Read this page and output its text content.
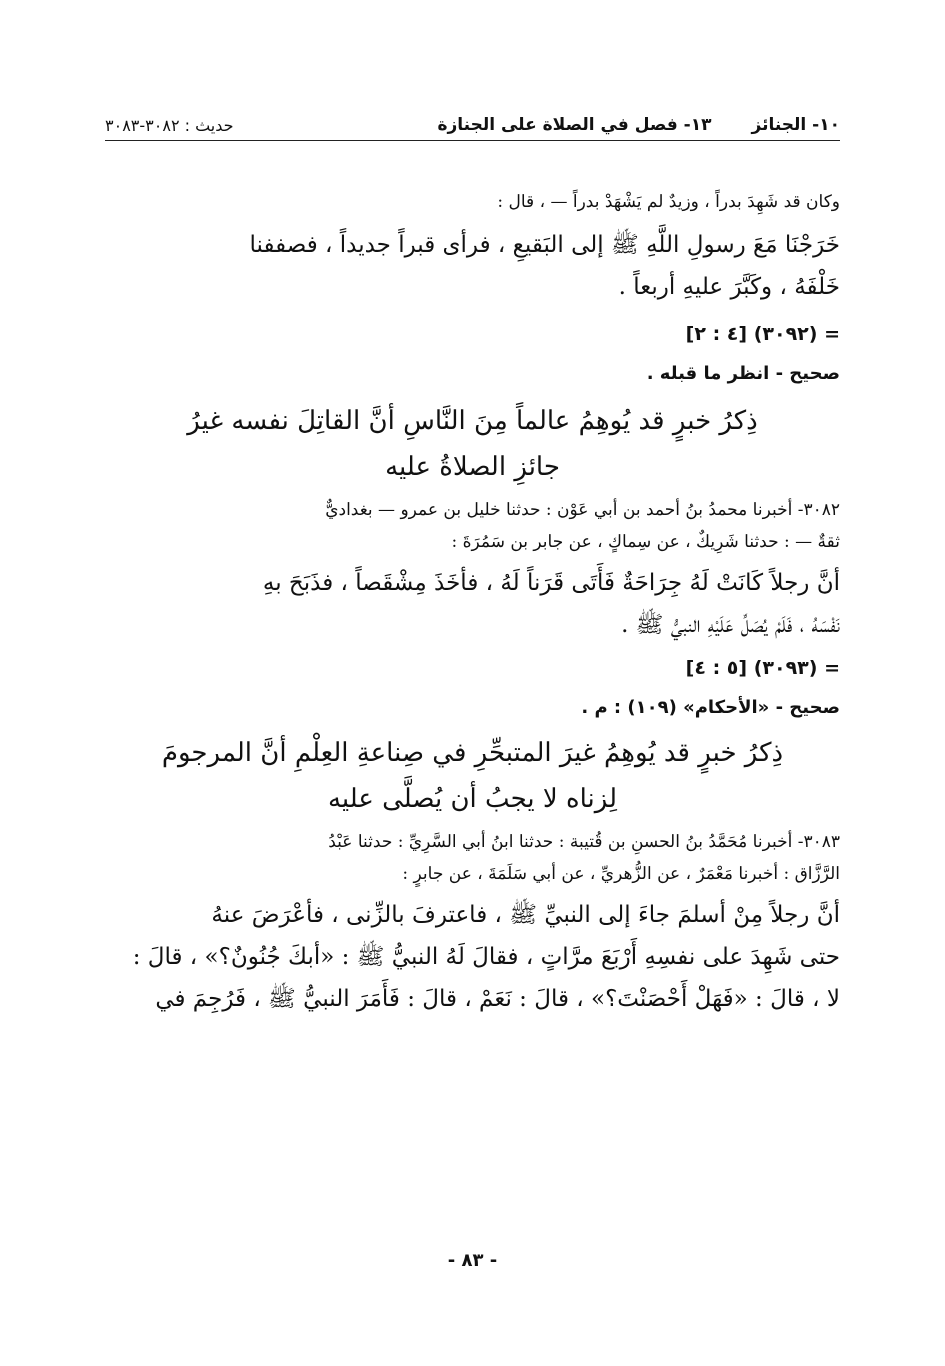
١٠- الجنائز
١٣- فصل في الصلاة على الجنازة
حديث : ٣٠٨٢-٣٠٨٣
وكان قد شَهِدَ بدراً ، وزيدٌ لم يَشْهَدْ بدراً — ، قال :
خَرَجْنَا مَعَ رسولِ اللَّهِ ﷺ إلى البَقيعِ ، فرأى قبراً جديداً ، فصففنا
خَلْفَهُ ، وكَبَّرَ عليهِ أربعاً .
= (٣٠٩٢) [٤ : ٢]
صحيح - انظر ما قبله .
ذِكرُ خبرٍ قد يُوهِمُ عالماً مِنَ النَّاسِ أنَّ القاتِلَ نفسه غيرُ
جائزِ الصلاةُ عليه
٣٠٨٢- أخبرنا محمدُ بنُ أحمد بن أبي عَوْن : حدثنا خليل بن عمرو — بغداديٌّ
ثقةٌ — : حدثنا شَرِيكٌ ، عن سِماكٍ ، عن جابر بن سَمُرَةَ :
أنَّ رجلاً كَانَتْ لَهُ جِرَاحَةٌ فَأَتَى قَرَناً لَهُ ، فأخَذَ مِشْقَصاً ، فذَبَحَ بهِ
نَفْسَهُ ، فَلَمْ يُصَلِّ عَلَيْهِ النبيُّ ﷺ .
= (٣٠٩٣) [٥ : ٤]
صحيح - «الأحكام» (١٠٩) : م .
ذِكرُ خبرٍ قد يُوهِمُ غيرَ المتبحِّرِ في صِناعةِ العِلْمِ أنَّ المرجومَ
لِزناه لا يجبُ أن يُصلَّى عليه
٣٠٨٣- أخبرنا مُحَمَّدُ بنُ الحسنِ بن قُتيبة : حدثنا ابنُ أبي السَّرِيِّ : حدثنا عَبْدُ
الرَّزَّاق : أخبرنا مَعْمَرٌ ، عن الزُّهريِّ ، عن أبي سَلَمَةَ ، عن جابرٍ :
أنَّ رجلاً مِنْ أسلمَ جاءَ إلى النبيِّ ﷺ ، فاعترفَ بالزِّنى ، فأعْرَضَ عنهُ
حتى شَهِدَ على نفسِهِ أَرْبَعَ مرَّاتٍ ، فقالَ لَهُ النبيُّ ﷺ : «أبكَ جُنُونٌ؟» ، قالَ :
لا ، قالَ : «فَهَلْ أَحْصَنْتَ؟» ، قالَ : نَعَمْ ، قالَ : فَأَمَرَ النبيُّ ﷺ ، فَرُجِمَ في
- ٨٣ -
